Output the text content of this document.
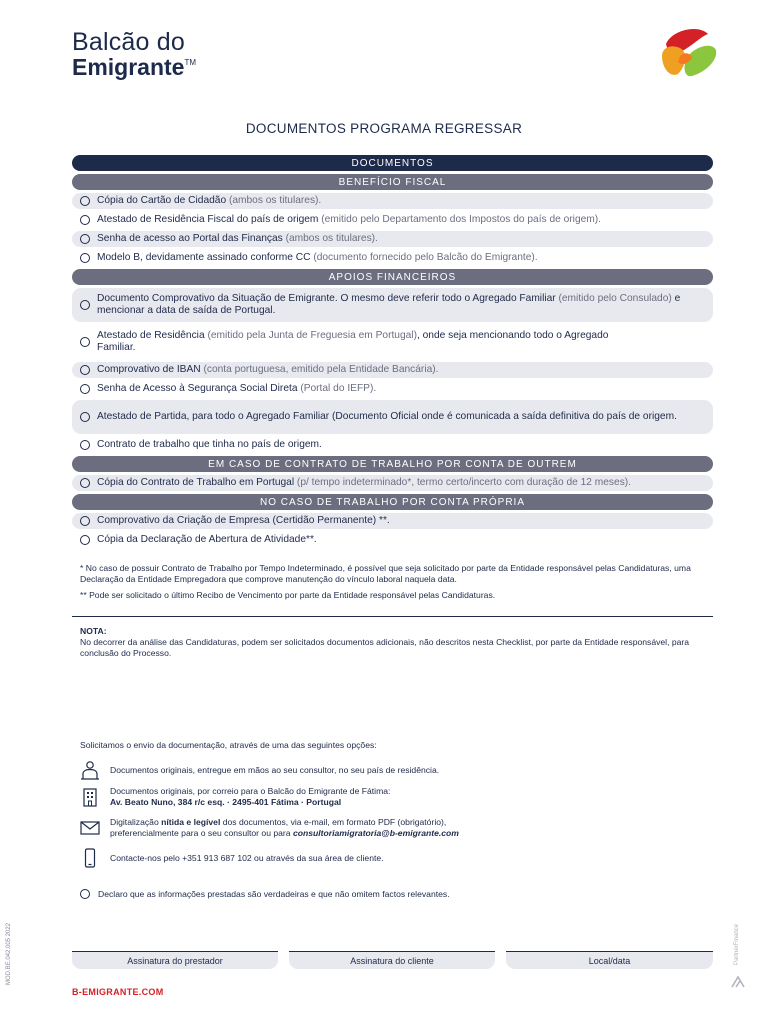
Balcão do
Emigrante™
DOCUMENTOS PROGRAMA REGRESSAR
DOCUMENTOS
BENEFÍCIO FISCAL
Cópia do Cartão de Cidadão (ambos os titulares).
Atestado de Residência Fiscal do país de origem (emitido pelo Departamento dos Impostos do país de origem).
Senha de acesso ao Portal das Finanças (ambos os titulares).
Modelo B, devidamente assinado conforme CC (documento fornecido pelo Balcão do Emigrante).
APOIOS FINANCEIROS
Documento Comprovativo da Situação de Emigrante. O mesmo deve referir todo o Agregado Familiar (emitido pelo Consulado) e mencionar a data de saída de Portugal.
Atestado de Residência (emitido pela Junta de Freguesia em Portugal), onde seja mencionando todo o Agregado Familiar.
Comprovativo de IBAN (conta portuguesa, emitido pela Entidade Bancária).
Senha de Acesso à Segurança Social Direta (Portal do IEFP).
Atestado de Partida, para todo o Agregado Familiar (Documento Oficial onde é comunicada a saída definitiva do país de origem.
Contrato de trabalho que tinha no país de origem.
EM CASO DE CONTRATO DE TRABALHO POR CONTA DE OUTREM
Cópia do Contrato de Trabalho em Portugal (p/ tempo indeterminado*, termo certo/incerto com duração de 12 meses).
NO CASO DE TRABALHO POR CONTA PRÓPRIA
Comprovativo da Criação de Empresa (Certidão Permanente) **.
Cópia da Declaração de Abertura de Atividade**.

* No caso de possuir Contrato de Trabalho por Tempo Indeterminado, é possível que seja solicitado por parte da Entidade responsável pelas Candidaturas, uma Declaração da Entidade Empregadora que comprove manutenção do vínculo laboral naquela data.

** Pode ser solicitado o último Recibo de Vencimento por parte da Entidade responsável pelas Candidaturas.

NOTA:
No decorrer da análise das Candidaturas, podem ser solicitados documentos adicionais, não descritos nesta Checklist, por parte da Entidade responsável, para conclusão do Processo.
Solicitamos o envio da documentação, através de uma das seguintes opções:
Documentos originais, entregue em mãos ao seu consultor, no seu país de residência.
Documentos originais, por correio para o Balcão do Emigrante de Fátima:
Av. Beato Nuno, 384 r/c esq. · 2495-401 Fátima · Portugal
Digitalização nítida e legível dos documentos, via e-mail, em formato PDF (obrigatório),
preferencialmente para o seu consultor ou para consultoriamigratoria@b-emigrante.com
Contacte-nos pelo +351 913 687 102 ou através da sua área de cliente.
Declaro que as informações prestadas são verdadeiras e que não omitem factos relevantes.
Assinatura do prestador	Assinatura do cliente	Local/data
B-EMIGRANTE.COM
MOD.BE.042.005 2022	PartnerFinance
